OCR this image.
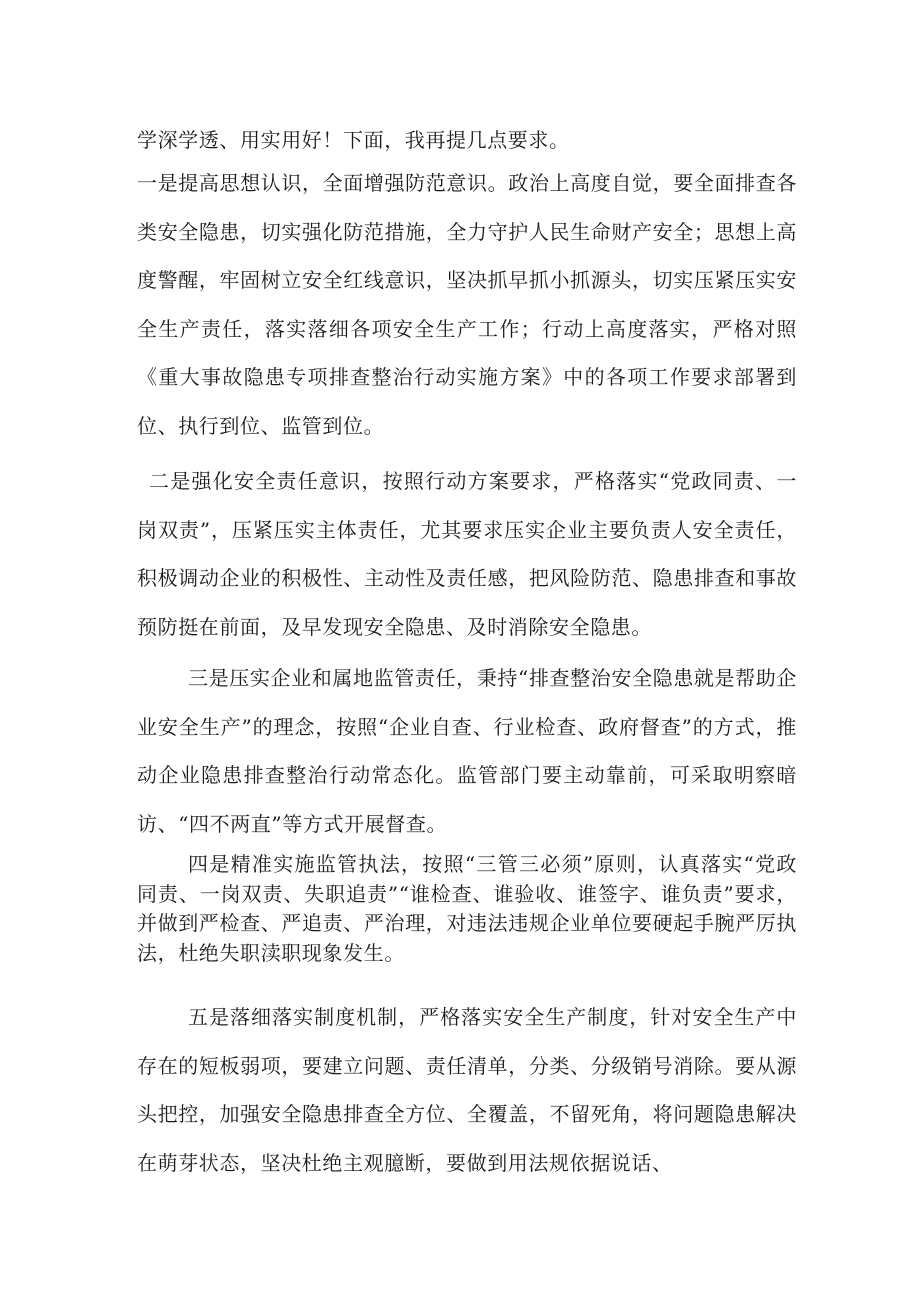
学深学透、用实用好！下面，我再提几点要求。

一是提高思想认识，全面增强防范意识。政治上高度自觉，要全面排查各类安全隐患，切实强化防范措施，全力守护人民生命财产安全；思想上高度警醒，牢固树立安全红线意识，坚决抓早抓小抓源头，切实压紧压实安全生产责任，落实落细各项安全生产工作；行动上高度落实，严格对照《重大事故隐患专项排查整治行动实施方案》中的各项工作要求部署到位、执行到位、监管到位。

二是强化安全责任意识，按照行动方案要求，严格落实“党政同责、一岗双责”，压紧压实主体责任，尤其要求压实企业主要负责人安全责任，积极调动企业的积极性、主动性及责任感，把风险防范、隐患排查和事故预防挺在前面，及早发现安全隐患、及时消除安全隐患。

三是压实企业和属地监管责任，秉持“排查整治安全隐患就是帮助企业安全生产”的理念，按照“企业自查、行业检查、政府督查”的方式，推动企业隐患排查整治行动常态化。监管部门要主动靠前，可采取明察暗访、“四不两直”等方式开展督查。

四是精准实施监管执法，按照“三管三必须”原则，认真落实“党政同责、一岗双责、失职追责”“谁检查、谁验收、谁签字、谁负责”要求，并做到严检查、严追责、严治理，对违法违规企业单位要硬起手腕严厉执法，杜绝失职渎职现象发生。

五是落细落实制度机制，严格落实安全生产制度，针对安全生产中存在的短板弱项，要建立问题、责任清单，分类、分级销号消除。要从源头把控，加强安全隐患排查全方位、全覆盖，不留死角，将问题隐患解决在萌芽状态，坚决杜绝主观臆断，要做到用法规依据说话、
